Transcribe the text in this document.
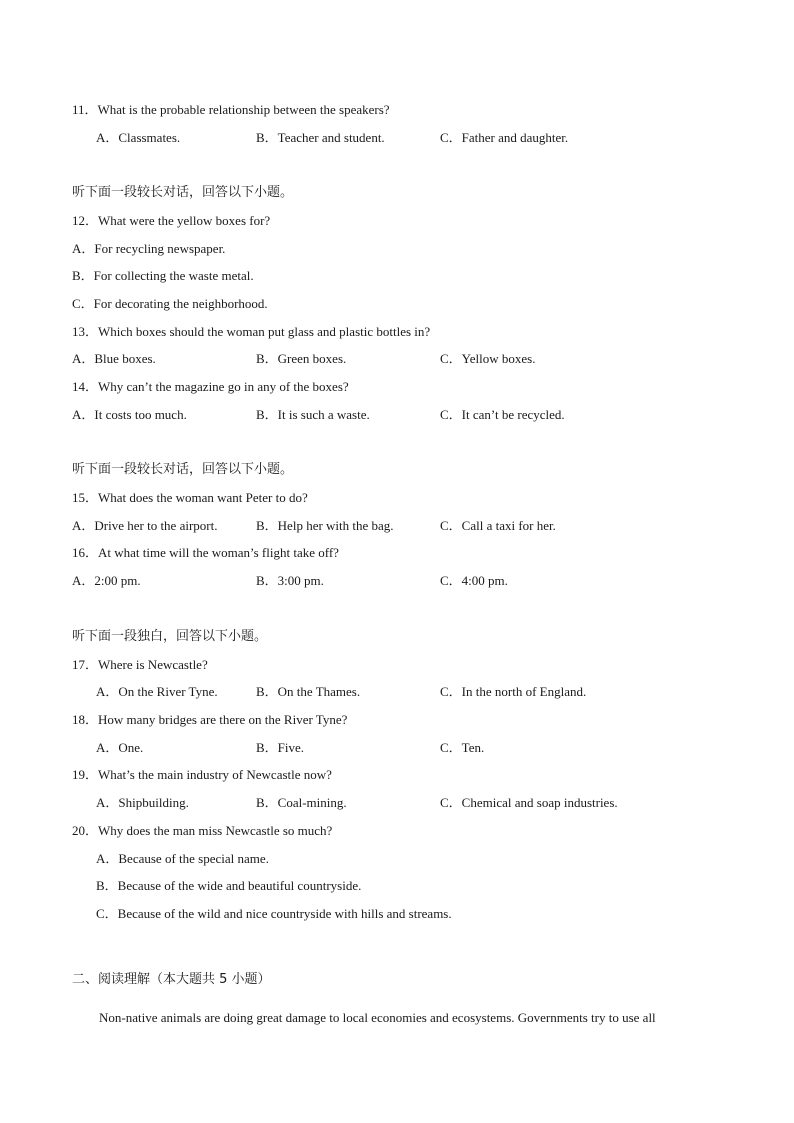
11．What is the probable relationship between the speakers?
A．Classmates.	B．Teacher and student.	C．Father and daughter.
听下面一段较长对话，回答以下小题。
12．What were the yellow boxes for?
A．For recycling newspaper.
B．For collecting the waste metal.
C．For decorating the neighborhood.
13．Which boxes should the woman put glass and plastic bottles in?
A．Blue boxes.	B．Green boxes.	C．Yellow boxes.
14．Why can’t the magazine go in any of the boxes?
A．It costs too much.	B．It is such a waste.	C．It can’t be recycled.
听下面一段较长对话，回答以下小题。
15．What does the woman want Peter to do?
A．Drive her to the airport.	B．Help her with the bag.	C．Call a taxi for her.
16．At what time will the woman’s flight take off?
A．2:00 pm.	B．3:00 pm.	C．4:00 pm.
听下面一段独白，回答以下小题。
17．Where is Newcastle?
A．On the River Tyne.	B．On the Thames.	C．In the north of England.
18．How many bridges are there on the River Tyne?
A．One.	B．Five.	C．Ten.
19．What’s the main industry of Newcastle now?
A．Shipbuilding.	B．Coal-mining.	C．Chemical and soap industries.
20．Why does the man miss Newcastle so much?
A．Because of the special name.
B．Because of the wide and beautiful countryside.
C．Because of the wild and nice countryside with hills and streams.
二、阅读理解（本大题共 5 小题）
Non-native animals are doing great damage to local economies and ecosystems. Governments try to use all
